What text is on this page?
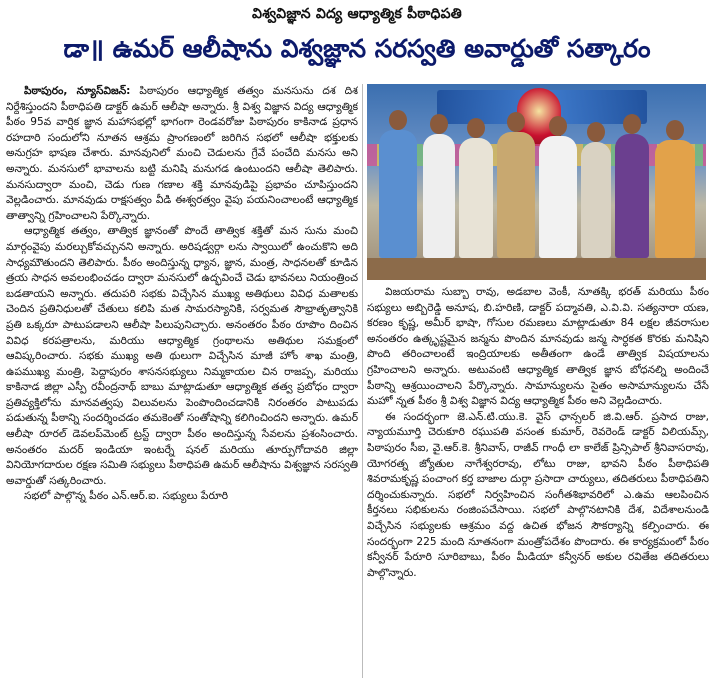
విశ్వవిజ్ఞాన విద్య ఆధ్యాత్మిక పీఠాధిపతి
డా॥ ఉమర్ ఆలీషాను విశ్వజ్ఞాన సరస్వతి అవార్డుతో సత్కారం

పిఠాపురం, న్యూస్‌విజన్: పిఠాపురం ఆధ్యాత్మిక తత్వం మనసును దశ దిశ నిర్దేశిస్తుందని పీఠాధిపతి డాక్టర్ ఉమర్ ఆలీషా అన్నారు. శ్రీ విశ్వ విజ్ఞాన విద్య ఆధ్యాత్మిక పీఠం 95వ వార్షిక జ్ఞాన మహాసభల్లో భాగంగా రెండవరోజు పిఠాపురం కాకినాడ ప్రధాన రహదారి సందులోని నూతన ఆశ్రమ ప్రాంగణంలో జరిగిన సభలో ఆలీషా భక్తులకు అనుగ్రహ భాషణ చేశారు. మానవునిలో మంచి చెడులను గ్రేవే పంచేది మనసు అని అన్నారు. మనసులో భావాలను బట్టి మనిషి మనుగడ ఉంటుందని ఆలీషా తెలిపారు. మనసుద్వారా మంచి, చెడు గుణ గణాల శక్తి మానవుడిపై ప్రభావం చూపిస్తుందని వెల్లడించారు. మానవుడు రాక్షసత్వం వీడి ఈశ్వరత్వం వైపు పయనించాలంటే ఆధ్యాత్మిక తాత్వాన్ని గ్రహించాలని పేర్కొన్నారు.

ఆధ్యాత్మిక తత్వం, తాత్విక జ్ఞానంతో పొందే తాత్విక శక్తితో మన సును మంచి మార్గంవైపు మరల్చుకోవచ్చునని అన్నారు. అరిషడ్వర్గా లను స్వాయిలో ఉంచుకొని అది సాధ్యమౌతుందని తెలిపారు. పీఠం అందిస్తున్న ధ్యాన, జ్ఞాన, మంత్ర, సాధనలతో కూడిన త్రయ సాధన అవలంభించడం ద్వారా మనసులో ఉద్భవించే చెడు భావనలు నియంత్రించ బడతాయని అన్నారు. తదుపరి సభకు విచ్చేసిన ముఖ్య అతిథులు వివిధ మతాలకు చెందిన ప్రతినిధులతో చేతులు కలిపి మత సామరస్యానికి, సర్వమత సౌభ్రాతృత్వానికి ప్రతి ఒక్కరూ పాటుపడాలని ఆలీషా పిలుపునిచ్చారు. అనంతరం పీఠం రూపొం దించిన వివిధ కరపత్రాలను, మరియు ఆధ్యాత్మిక గ్రంథాలను అతిథుల సమక్షంలో ఆవిష్కరించారు. సభకు ముఖ్య అతి థులుగా విచ్చేసిన మాజీ హోం శాఖ మంత్రి, ఉపముఖ్య మంత్రి, పెద్దాపురం శాసనసభ్యులు నిమ్మకాయల చిన రాజప్ప, మరియు కాకినాడ జిల్లా ఎస్పీ రవీంద్రనాథ్ బాబు మాట్లాడుతూ ఆధ్యాత్మిక తత్వ ప్రబోధం ద్వారా ప్రతివ్యక్తిలోను మానవత్వపు విలువలను పెంపొందించడానికి నిరంతరం పాటుపడు పడుతున్న పీఠాన్ని సందర్శించడం తమకెంతో సంతోషాన్ని కలిగించిందని అన్నారు. ఉమర్ ఆలీషా రూరల్ డెవలప్‌మెంట్ ట్రస్ట్ ద్వారా పీఠం అందిస్తున్న సేవలను ప్రశంసించారు. అనంతరం మదర్ ఇండియా ఇంటర్నే షనల్ మరియు తూర్పుగోదావరి జిల్లా వినియోగదారుల రక్షణ సమితి సభ్యులు పీఠాధిపతి ఉమర్ ఆలీషాను విశ్వజ్ఞాన సరస్వతి అవార్డుతో సత్కరించారు.

సభలో పాల్గొన్న పీఠం ఎన్.ఆర్.ఐ. సభ్యులు పేరూరి

విజయరామ సుబ్బా రావు, అడబాల వెంకీ, నూతక్కి భరత్ మరియు పీఠం సభ్యులు అబ్బిరెడ్డి అనూష, బి.హరిణి, డాక్టర్ పద్మావతి, ఎ.వి.వి. సత్యనారా యణ, కరణం కృష్ణ, అమీర్ భాషా, గోసుల రమణలు మాట్లాడుతూ 84 లక్షల జీవరాసుల అనంతరం ఉత్కృష్టమైన జన్మను పొందిన మానవుడు జన్మ సార్ధకత కొరకు మనిషిని పొంది తరించాలంటే ఇంద్రియాలకు అతీతంగా ఉండే తాత్విక విషయాలను గ్రహించాలని అన్నారు. అటువంటి ఆధ్యాత్మిక తాత్విక జ్ఞాన బోధనల్ని అందించే పీఠాన్ని ఆశ్రయించాలని పేర్కొన్నారు. సామాన్యులను సైతం అసామాన్యులను చేసే మహో న్నత పీఠం శ్రీ విశ్వ విజ్ఞాన విద్య ఆధ్యాత్మిక పీఠం అని వెల్లడించారు.

ఈ సందర్భంగా జె.ఎన్.టి.యు.కె. వైస్ ఛాన్సలర్ జి.వి.ఆర్. ప్రసాద రాజు, న్యాయమూర్తి చెరుకూరి రఘుపతి వసంత కుమార్, రెవరెండ్ డాక్టర్ విలియమ్స్, పిఠాపురం సీఐ, వై.ఆర్.కె. శ్రీనివాస్, రాజీవ్ గాంధీ లా కాలేజ్ ప్రిన్సిపాల్ శ్రీనివాసరావు, యోగరత్న జ్యోతుల నాగేశ్వరరావు, లోటు రాజు, భావని పీఠం పీఠాధిపతి శివరామకృష్ణ పంచాంగ కర్త బాజాల దుర్గా ప్రసాదా చార్యులు, తదితరులు పీఠాధిపతిని దర్శించుకున్నారు. సభలో నిర్వహించిన సంగీతశిభావరిలో ఎ.ఉమ ఆలపించిన కీర్తనలు సభికులను రంజింపచేసాయి. సభలో పాల్గొనటానికి దేశ, విదేశాలనుండి విచ్చేసిన సభ్యులకు ఆశ్రమం వద్ద ఉచిత భోజన సౌకర్యాన్ని కల్పించారు. ఈ సందర్భంగా 225 మంది నూతనంగా మంత్రోపదేశం పొందారు. ఈ కార్యక్రమంలో పీఠం కన్వీనర్ పేరూరి సూరిబాబు, పీఠం మీడియా కన్వీనర్ అకుల రవితేజ తదితరులు పాల్గొన్నారు.
